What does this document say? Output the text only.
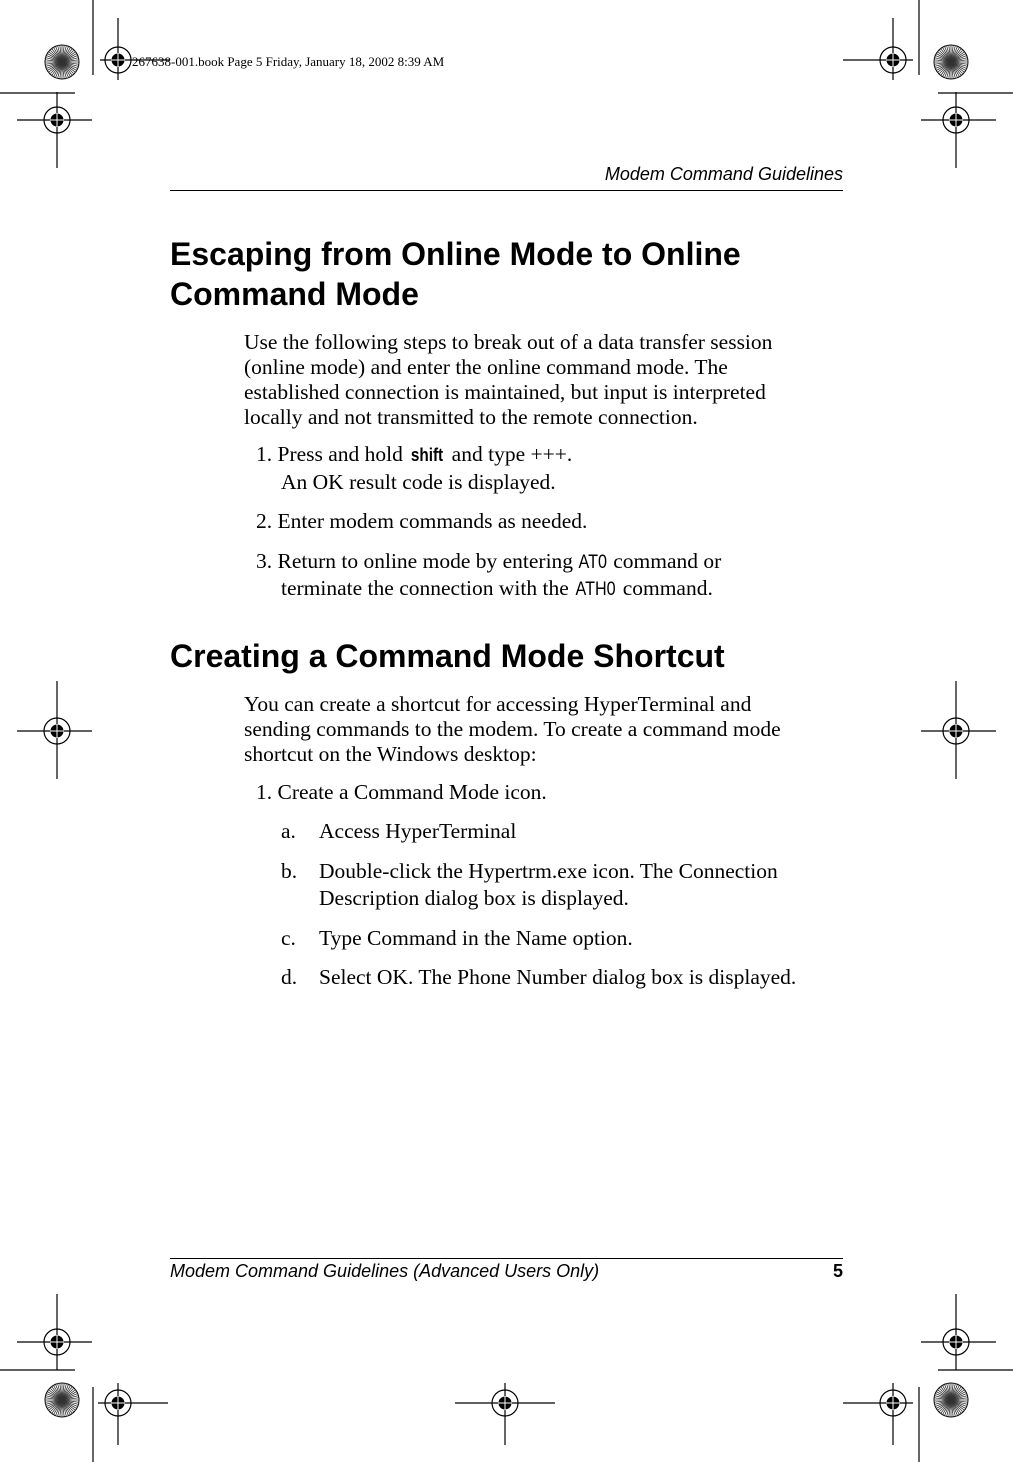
267638-001.book Page 5 Friday, January 18, 2002 8:39 AM
Modem Command Guidelines
Escaping from Online Mode to Online
Command Mode
Use the following steps to break out of a data transfer session
(online mode) and enter the online command mode. The
established connection is maintained, but input is interpreted
locally and not transmitted to the remote connection.
1. Press and hold shift and type +++.
An OK result code is displayed.
2. Enter modem commands as needed.
3. Return to online mode by entering AT0 command or
terminate the connection with the ATH0 command.
Creating a Command Mode Shortcut
You can create a shortcut for accessing HyperTerminal and
sending commands to the modem. To create a command mode
shortcut on the Windows desktop:
1. Create a Command Mode icon.
a. Access HyperTerminal
b. Double-click the Hypertrm.exe icon. The Connection
Description dialog box is displayed.
c. Type Command in the Name option.
d. Select OK. The Phone Number dialog box is displayed.
Modem Command Guidelines (Advanced Users Only)	5
